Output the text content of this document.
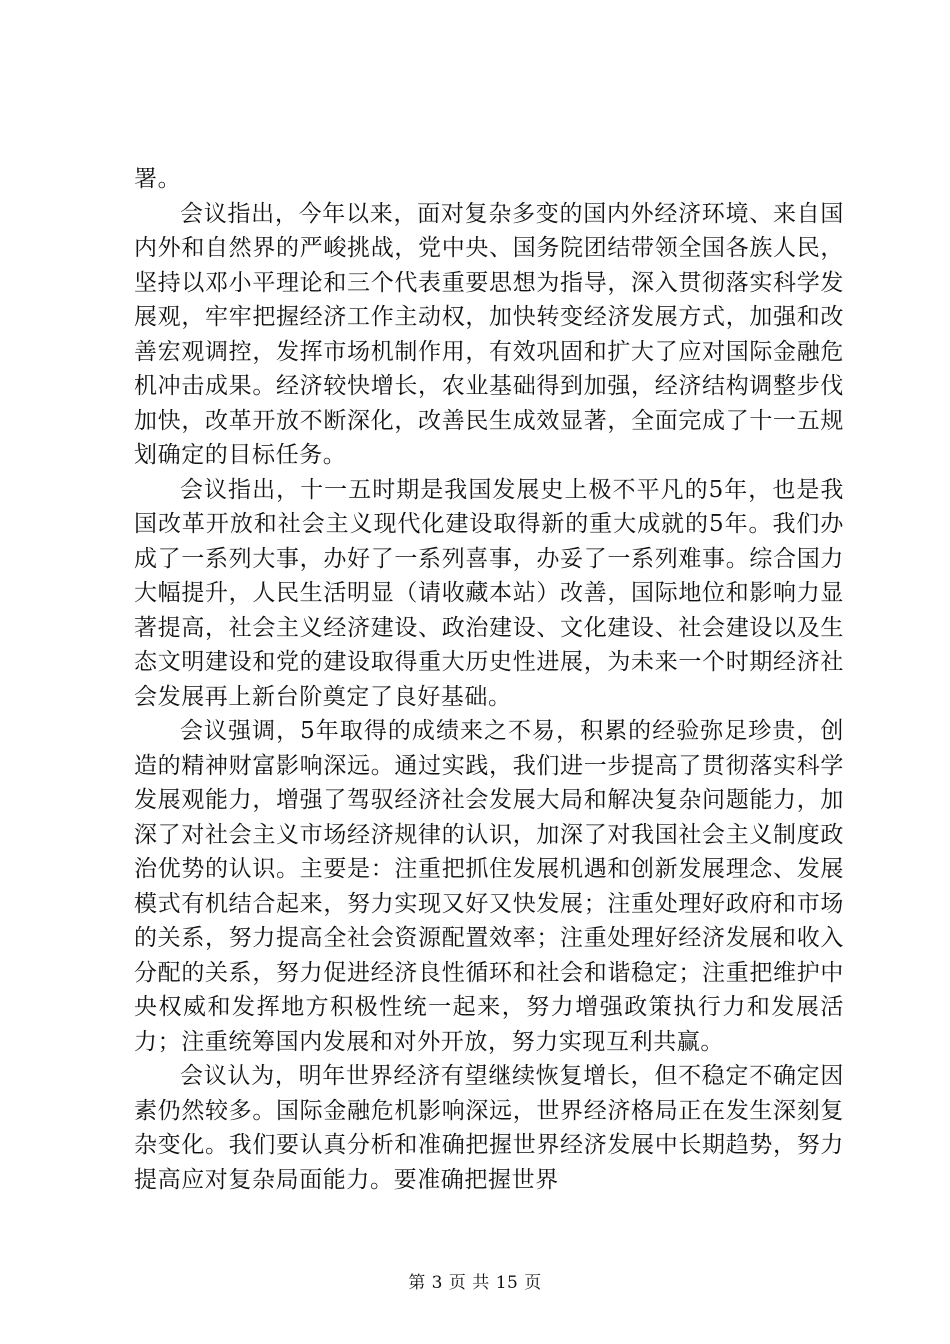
署。

会议指出，今年以来，面对复杂多变的国内外经济环境、来自国内外和自然界的严峻挑战，党中央、国务院团结带领全国各族人民，坚持以邓小平理论和三个代表重要思想为指导，深入贯彻落实科学发展观，牢牢把握经济工作主动权，加快转变经济发展方式，加强和改善宏观调控，发挥市场机制作用，有效巩固和扩大了应对国际金融危机冲击成果。经济较快增长，农业基础得到加强，经济结构调整步伐加快，改革开放不断深化，改善民生成效显著，全面完成了十一五规划确定的目标任务。

会议指出，十一五时期是我国发展史上极不平凡的5年，也是我国改革开放和社会主义现代化建设取得新的重大成就的5年。我们办成了一系列大事，办好了一系列喜事，办妥了一系列难事。综合国力大幅提升，人民生活明显（请收藏本站）改善，国际地位和影响力显著提高，社会主义经济建设、政治建设、文化建设、社会建设以及生态文明建设和党的建设取得重大历史性进展，为未来一个时期经济社会发展再上新台阶奠定了良好基础。

会议强调，5年取得的成绩来之不易，积累的经验弥足珍贵，创造的精神财富影响深远。通过实践，我们进一步提高了贯彻落实科学发展观能力，增强了驾驭经济社会发展大局和解决复杂问题能力，加深了对社会主义市场经济规律的认识，加深了对我国社会主义制度政治优势的认识。主要是：注重把抓住发展机遇和创新发展理念、发展模式有机结合起来，努力实现又好又快发展；注重处理好政府和市场的关系，努力提高全社会资源配置效率；注重处理好经济发展和收入分配的关系，努力促进经济良性循环和社会和谐稳定；注重把维护中央权威和发挥地方积极性统一起来，努力增强政策执行力和发展活力；注重统筹国内发展和对外开放，努力实现互利共赢。

会议认为，明年世界经济有望继续恢复增长，但不稳定不确定因素仍然较多。国际金融危机影响深远，世界经济格局正在发生深刻复杂变化。我们要认真分析和准确把握世界经济发展中长期趋势，努力提高应对复杂局面能力。要准确把握世界

第 3 页 共 15 页
